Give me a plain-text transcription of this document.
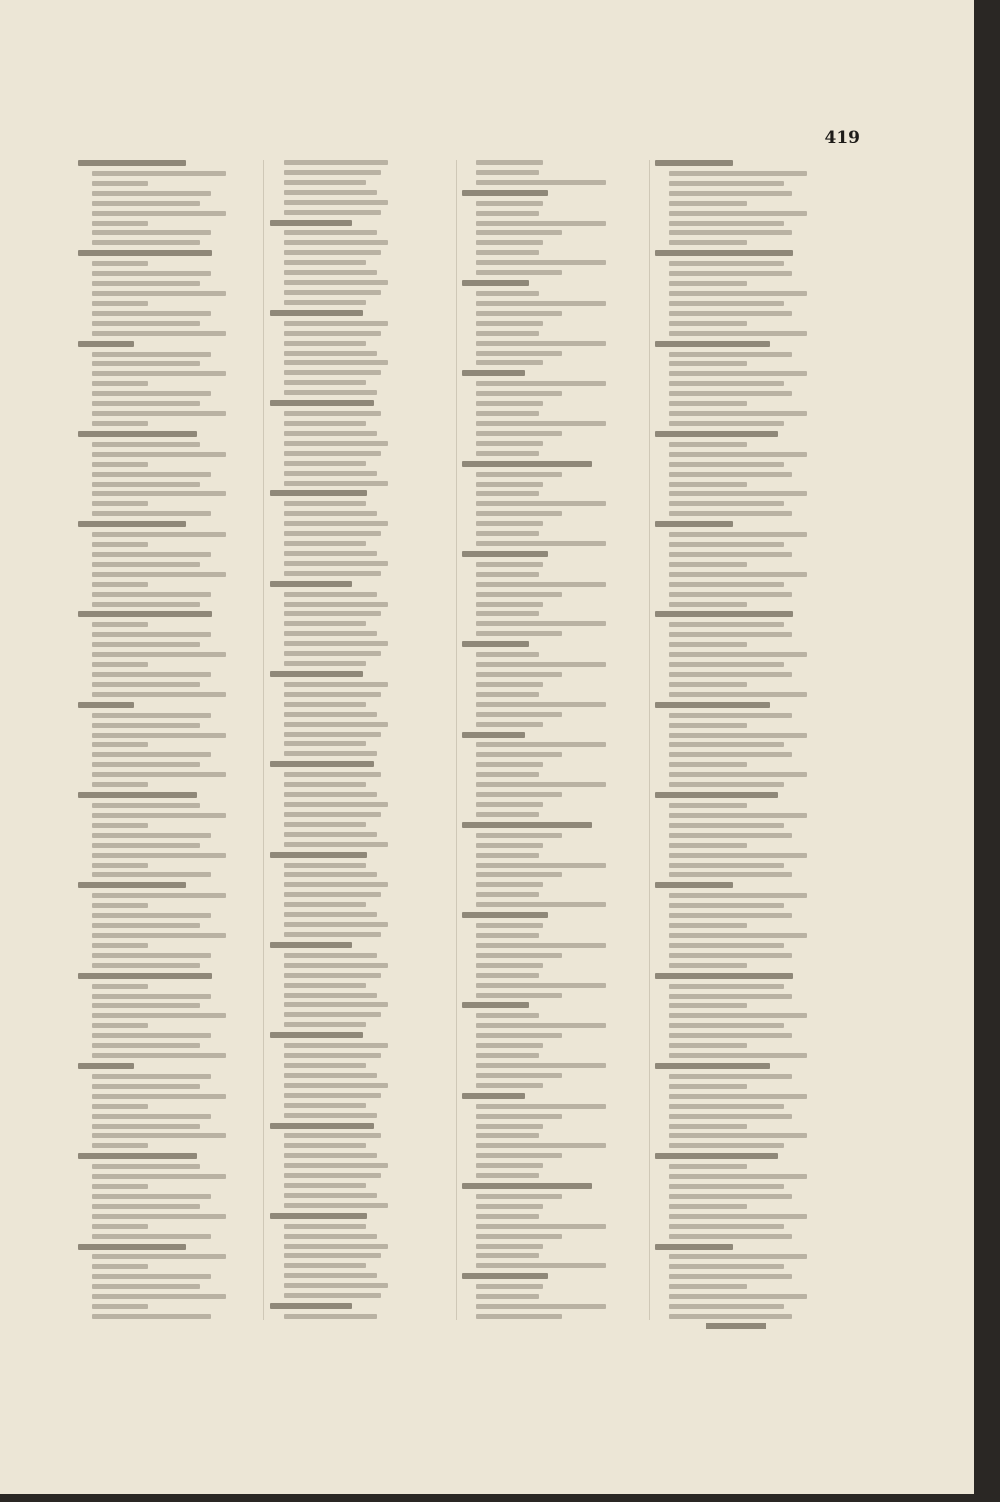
419
